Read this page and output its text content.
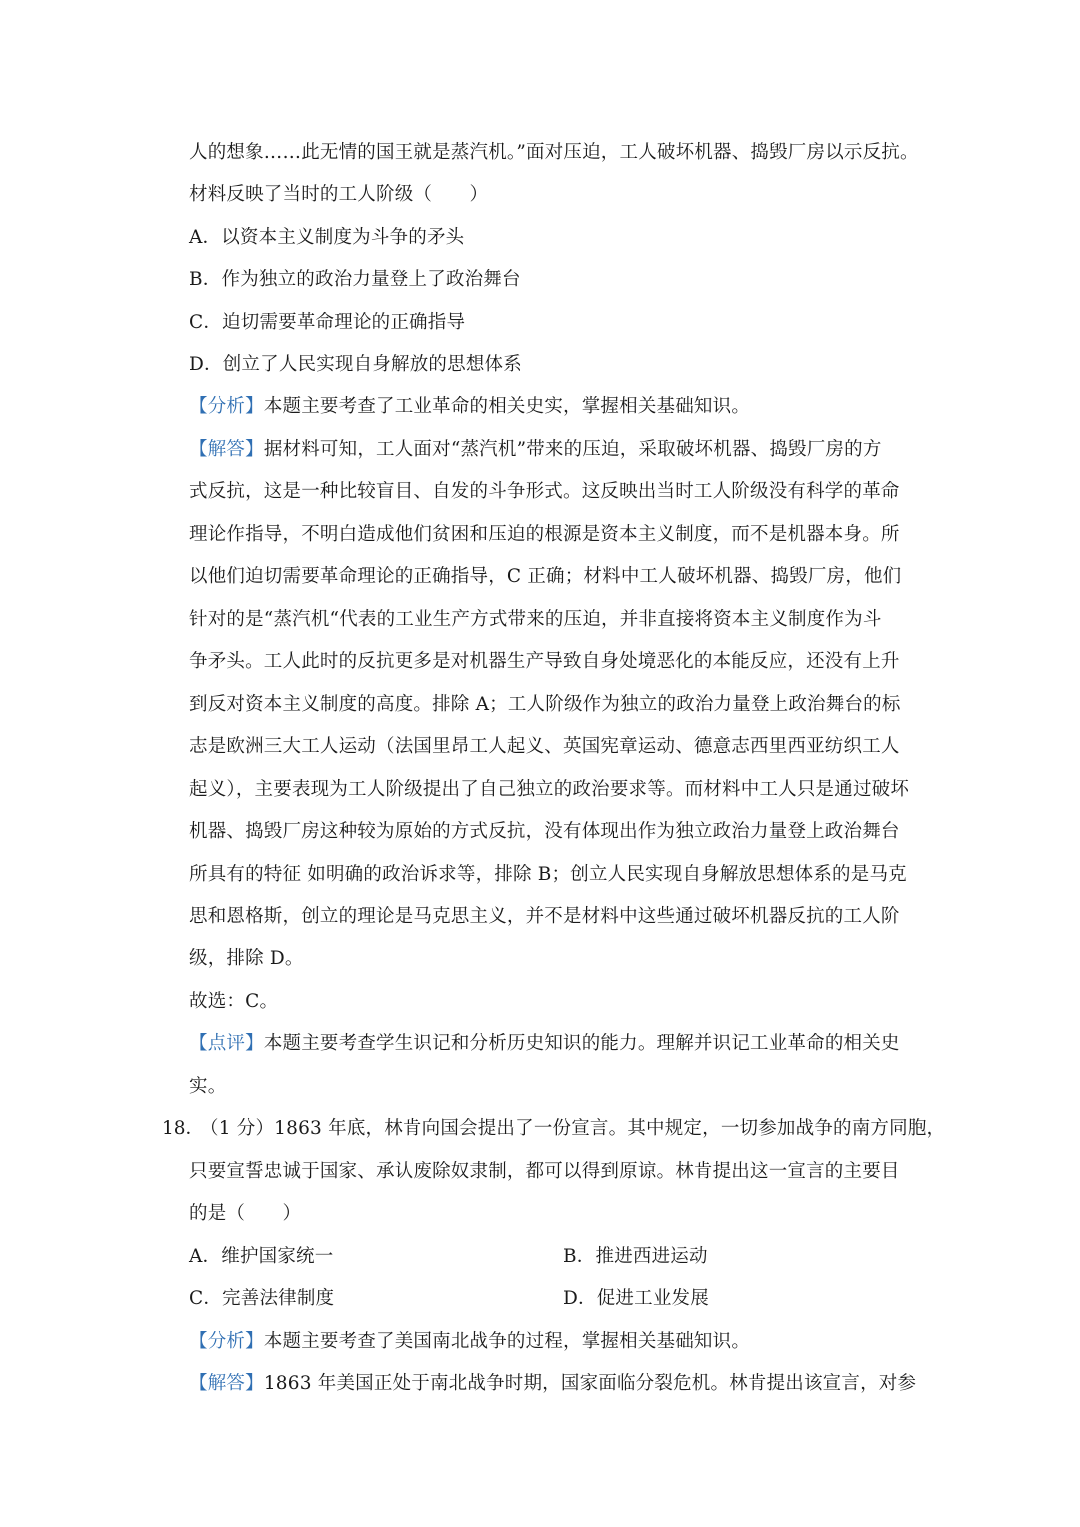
人的想象……此无情的国王就是蒸汽机。”面对压迫，工人破坏机器、捣毁厂房以示反抗。
材料反映了当时的工人阶级（　　）
A．以资本主义制度为斗争的矛头
B．作为独立的政治力量登上了政治舞台
C．迫切需要革命理论的正确指导
D．创立了人民实现自身解放的思想体系
【分析】本题主要考查了工业革命的相关史实，掌握相关基础知识。
【解答】据材料可知，工人面对“蒸汽机”带来的压迫，采取破坏机器、捣毁厂房的方
式反抗，这是一种比较盲目、自发的斗争形式。这反映出当时工人阶级没有科学的革命
理论作指导，不明白造成他们贫困和压迫的根源是资本主义制度，而不是机器本身。所
以他们迫切需要革命理论的正确指导，C 正确；材料中工人破坏机器、捣毁厂房，他们
针对的是“蒸汽机“代表的工业生产方式带来的压迫，并非直接将资本主义制度作为斗
争矛头。工人此时的反抗更多是对机器生产导致自身处境恶化的本能反应，还没有上升
到反对资本主义制度的高度。排除 A；工人阶级作为独立的政治力量登上政治舞台的标
志是欧洲三大工人运动（法国里昂工人起义、英国宪章运动、德意志西里西亚纺织工人
起义），主要表现为工人阶级提出了自己独立的政治要求等。而材料中工人只是通过破坏
机器、捣毁厂房这种较为原始的方式反抗，没有体现出作为独立政治力量登上政治舞台
所具有的特征 如明确的政治诉求等，排除 B；创立人民实现自身解放思想体系的是马克
思和恩格斯，创立的理论是马克思主义，并不是材料中这些通过破坏机器反抗的工人阶
级，排除 D。
故选：C。
【点评】本题主要考查学生识记和分析历史知识的能力。理解并识记工业革命的相关史
实。
18．
（1 分）1863 年底，林肯向国会提出了一份宣言。其中规定，一切参加战争的南方同胞，
只要宣誓忠诚于国家、承认废除奴隶制，都可以得到原谅。林肯提出这一宣言的主要目
的是（　　）
A．维护国家统一	B．推进西进运动
C．完善法律制度	D．促进工业发展
【分析】本题主要考查了美国南北战争的过程，掌握相关基础知识。
【解答】1863 年美国正处于南北战争时期，国家面临分裂危机。林肯提出该宣言，对参
